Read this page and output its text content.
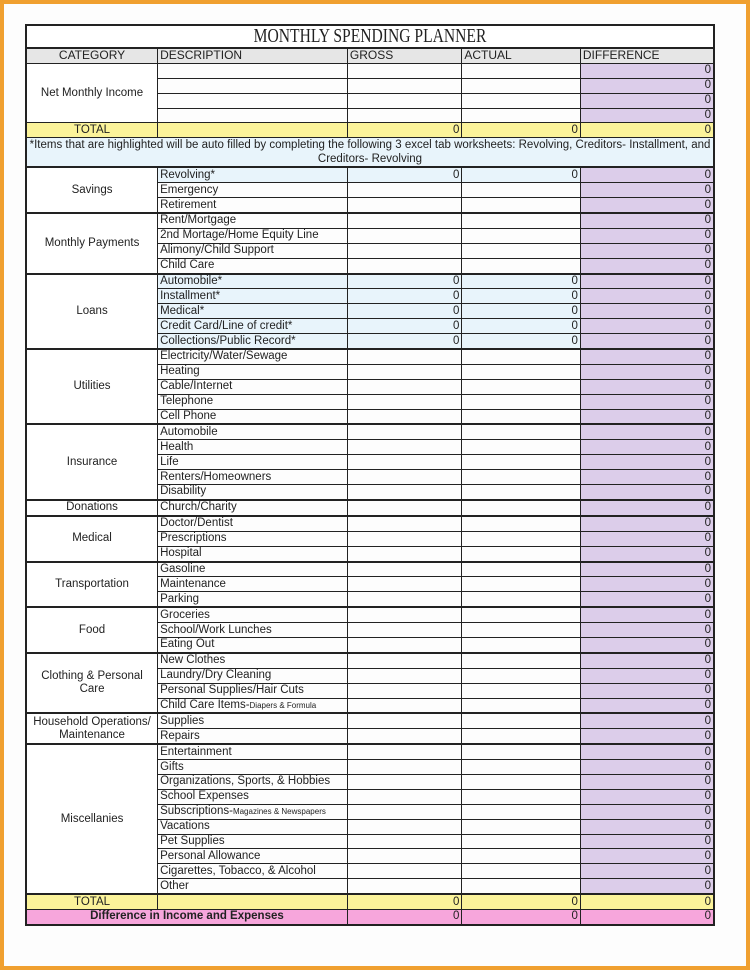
MONTHLY SPENDING PLANNER
CATEGORY	DESCRIPTION	GROSS	ACTUAL	DIFFERENCE
Net Monthly Income				0
				0
				0
				0
TOTAL		0	0	0
*Items that are highlighted will be auto filled by completing the following 3 excel tab worksheets: Revolving, Creditors- Installment, and Creditors- Revolving				
Savings	Revolving*	0	0	0
	Emergency			0
	Retirement			0
Monthly Payments	Rent/Mortgage			0
	2nd Mortage/Home Equity Line			0
	Alimony/Child Support			0
	Child Care			0
Loans	Automobile*	0	0	0
	Installment*	0	0	0
	Medical*	0	0	0
	Credit Card/Line of credit*	0	0	0
	Collections/Public Record*	0	0	0
Utilities	Electricity/Water/Sewage			0
	Heating			0
	Cable/Internet			0
	Telephone			0
	Cell Phone			0
Insurance	Automobile			0
	Health			0
	Life			0
	Renters/Homeowners			0
	Disability			0
Donations	Church/Charity			0
Medical	Doctor/Dentist			0
	Prescriptions			0
	Hospital			0
Transportation	Gasoline			0
	Maintenance			0
	Parking			0
Food	Groceries			0
	School/Work Lunches			0
	Eating Out			0
Clothing & Personal Care	New Clothes			0
	Laundry/Dry Cleaning			0
	Personal Supplies/Hair Cuts			0
	Child Care Items-Diapers & Formula			0
Household Operations/ Maintenance	Supplies			0
	Repairs			0
Miscellanies	Entertainment			0
	Gifts			0
	Organizations, Sports, & Hobbies			0
	School Expenses			0
	Subscriptions-Magazines & Newspapers			0
	Vacations			0
	Pet Supplies			0
	Personal Allowance			0
	Cigarettes, Tobacco, & Alcohol			0
	Other			0
TOTAL		0	0	0
Difference in Income and Expenses		0	0	0
